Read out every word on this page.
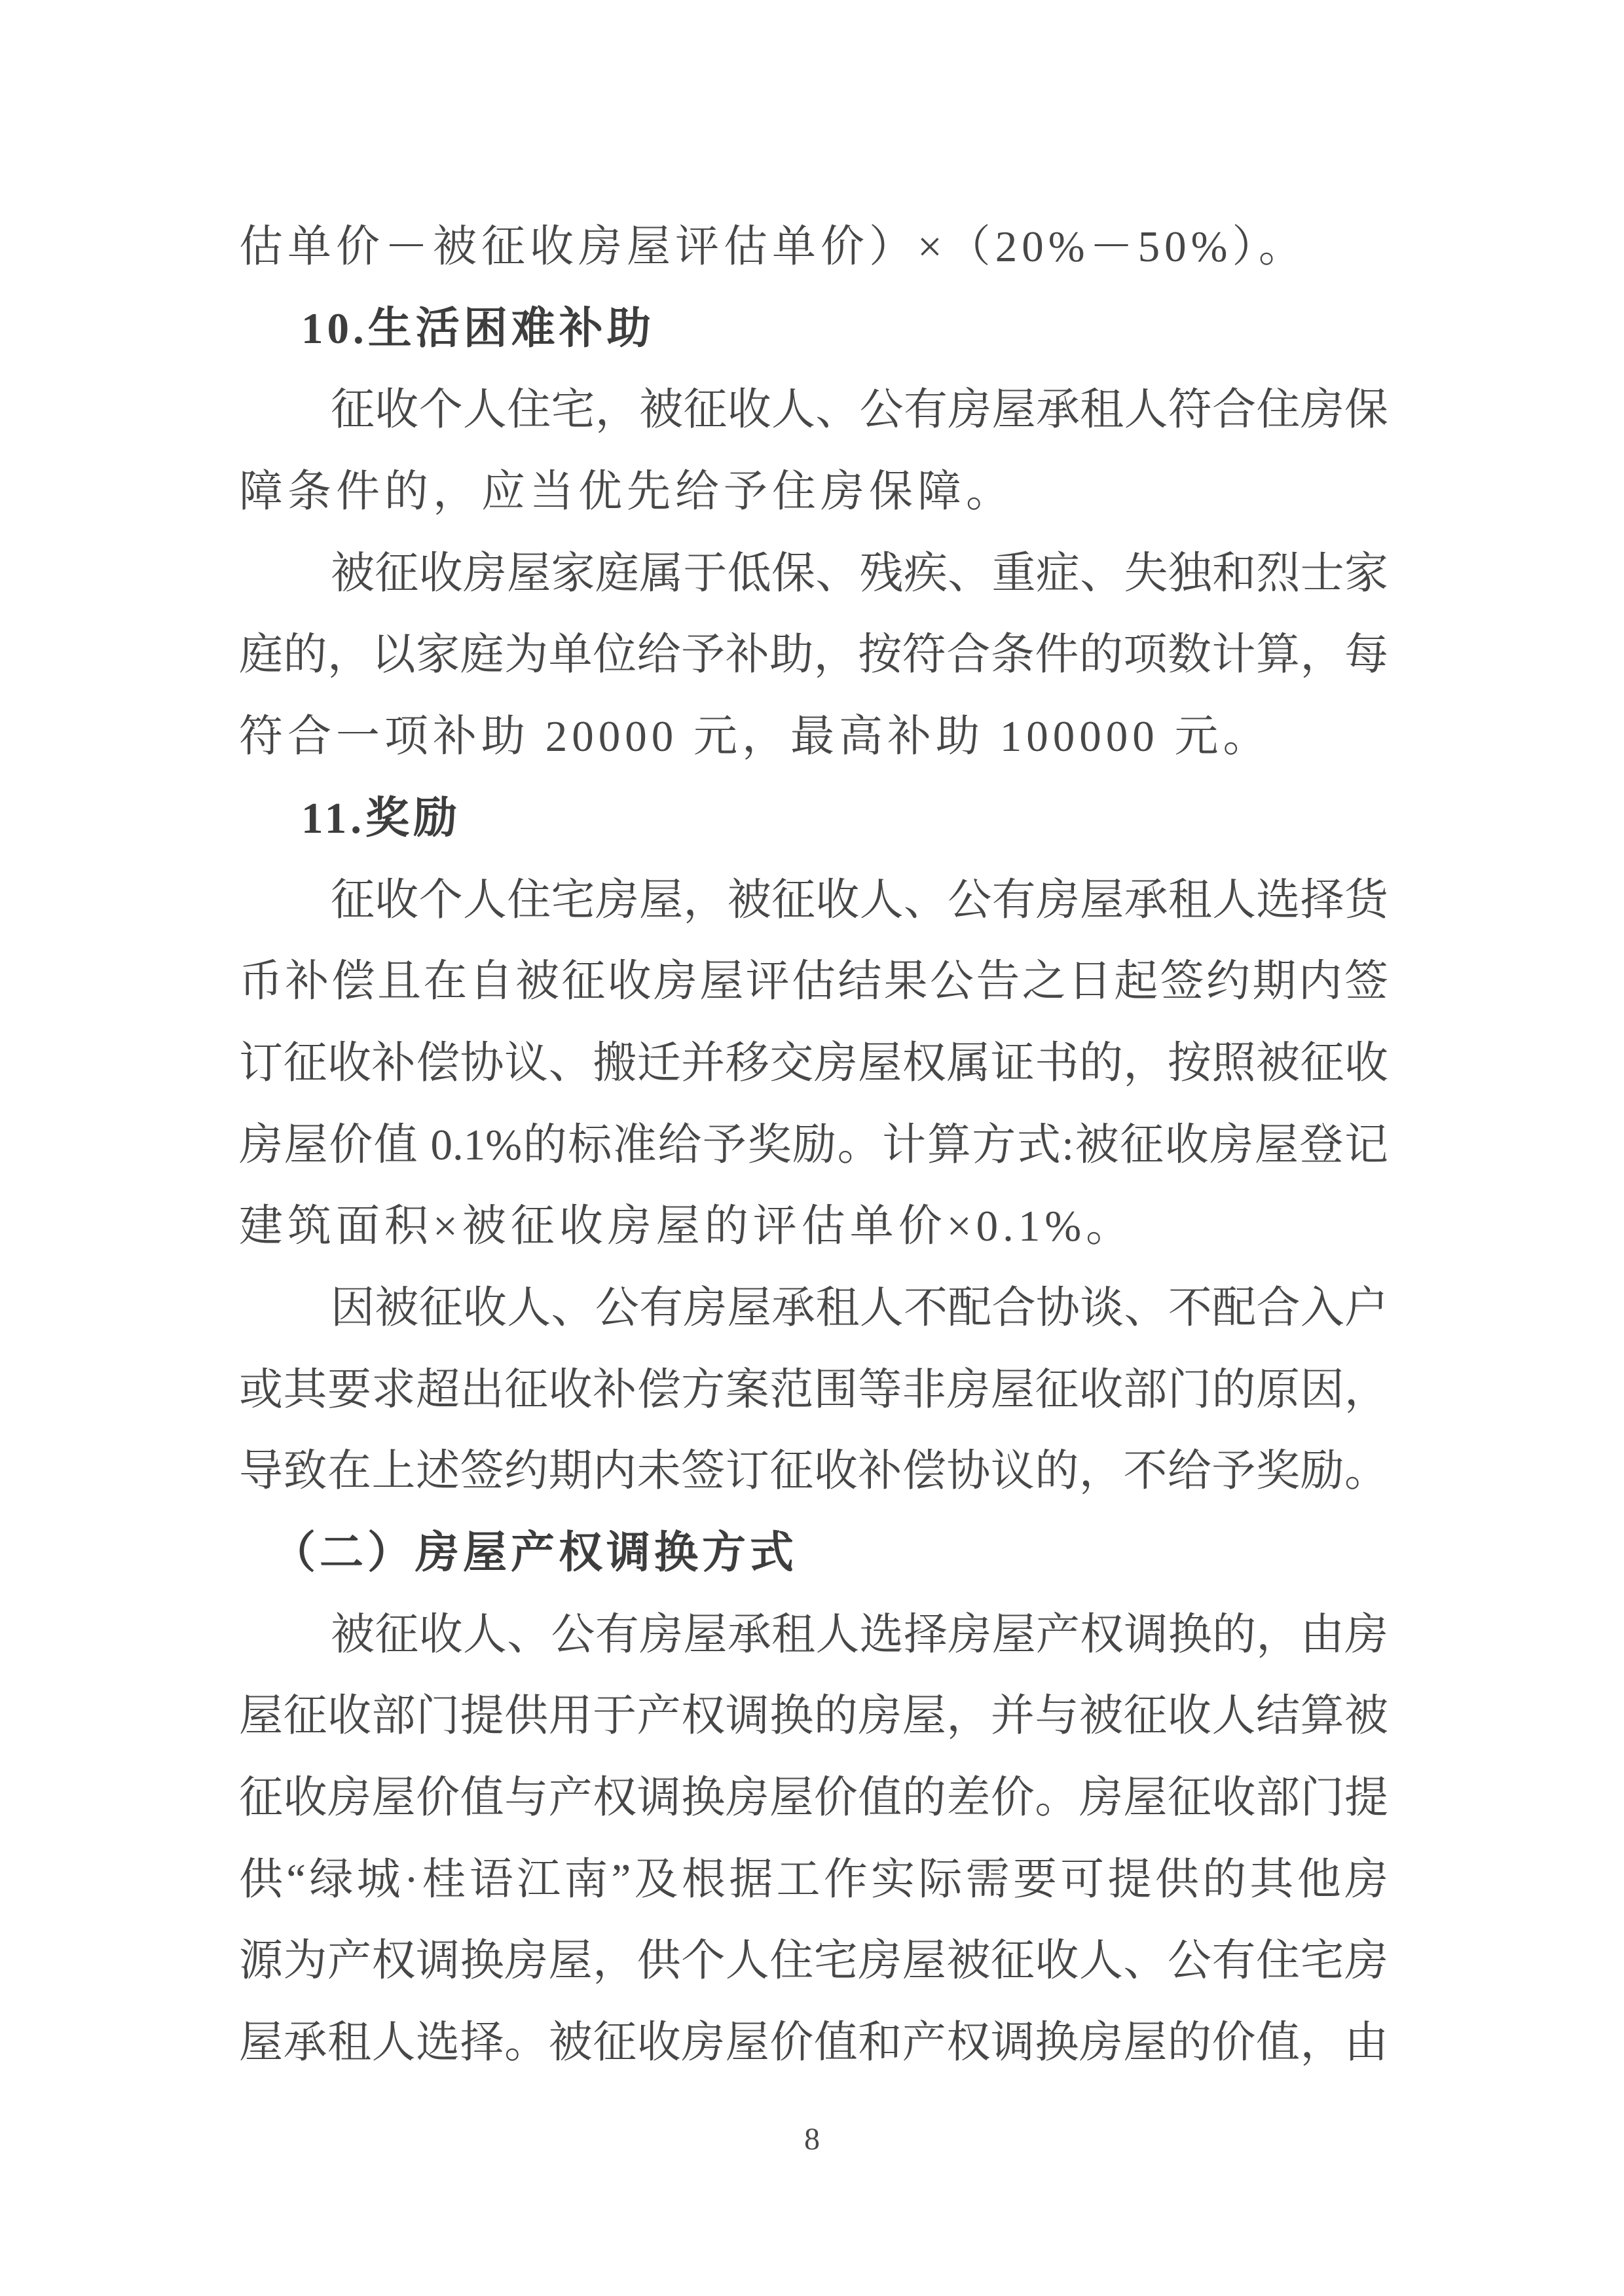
估单价－被征收房屋评估单价）×（20%－50%）。
10.生活困难补助
征收个人住宅，被征收人、公有房屋承租人符合住房保
障条件的，应当优先给予住房保障。
被征收房屋家庭属于低保、残疾、重症、失独和烈士家
庭的，以家庭为单位给予补助，按符合条件的项数计算，每
符合一项补助 20000 元，最高补助 100000 元。
11.奖励
征收个人住宅房屋，被征收人、公有房屋承租人选择货
币补偿且在自被征收房屋评估结果公告之日起签约期内签
订征收补偿协议、搬迁并移交房屋权属证书的，按照被征收
房屋价值 0.1%的标准给予奖励。计算方式:被征收房屋登记
建筑面积×被征收房屋的评估单价×0.1%。
因被征收人、公有房屋承租人不配合协谈、不配合入户
或其要求超出征收补偿方案范围等非房屋征收部门的原因，
导致在上述签约期内未签订征收补偿协议的，不给予奖励。
（二）房屋产权调换方式
被征收人、公有房屋承租人选择房屋产权调换的，由房
屋征收部门提供用于产权调换的房屋，并与被征收人结算被
征收房屋价值与产权调换房屋价值的差价。房屋征收部门提
供“绿城·桂语江南”及根据工作实际需要可提供的其他房
源为产权调换房屋，供个人住宅房屋被征收人、公有住宅房
屋承租人选择。被征收房屋价值和产权调换房屋的价值，由
8
